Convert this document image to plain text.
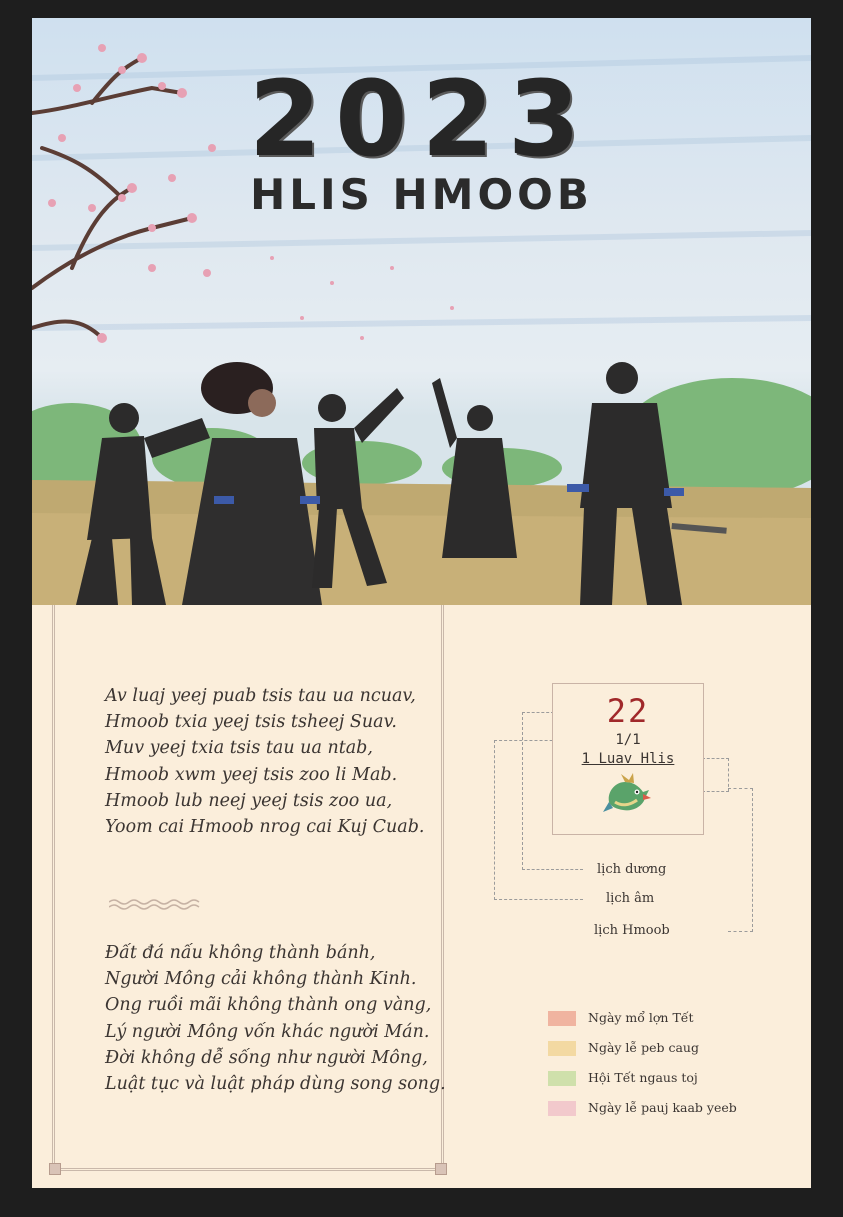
2023
HLIS HMOOB
Av luaj yeej puab tsis tau ua ncuav,
Hmoob txia yeej tsis tsheej Suav.
Muv yeej txia tsis tau ua ntab,
Hmoob xwm yeej tsis zoo li Mab.
Hmoob lub neej yeej tsis zoo ua,
Yoom cai Hmoob nrog cai Kuj Cuab.
Đất đá nấu không thành bánh,
Người Mông cải không thành Kinh.
Ong ruồi mãi không thành ong vàng,
Lý người Mông vốn khác người Mán.
Đời không dễ sống như người Mông,
Luật tục và luật pháp dùng song song.
22
1/1
1 Luav Hlis
lịch dương
lịch âm
lịch Hmoob
Ngày mổ lợn Tết
Ngày lễ peb caug
Hội Tết ngaus toj
Ngày lễ pauj kaab yeeb
